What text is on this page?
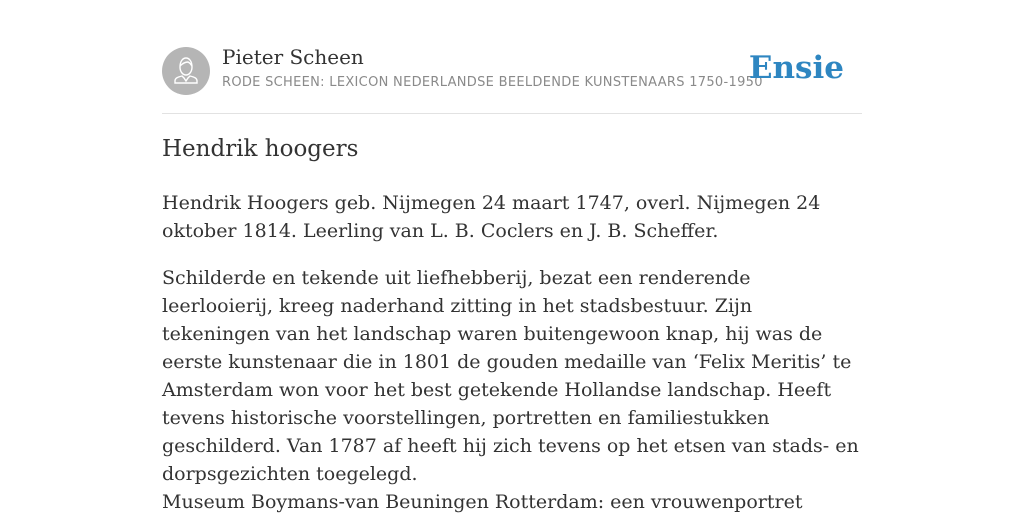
Pieter Scheen
RODE SCHEEN: LEXICON NEDERLANDSE BEELDENDE KUNSTENAARS 1750-1950
Ensie
Hendrik hoogers

Hendrik Hoogers geb. Nijmegen 24 maart 1747, overl. Nijmegen 24 oktober 1814. Leerling van L. B. Coclers en J. B. Scheffer.

Schilderde en tekende uit liefhebberij, bezat een renderende leerlooierij, kreeg naderhand zitting in het stadsbestuur. Zijn tekeningen van het landschap waren buitengewoon knap, hij was de eerste kunstenaar die in 1801 de gouden medaille van ‘Felix Meritis’ te Amsterdam won voor het best getekende Hollandse landschap. Heeft tevens historische voorstellingen, portretten en familiestukken geschilderd. Van 1787 af heeft hij zich tevens op het etsen van stads- en dorpsgezichten toegelegd.

Museum Boymans-van Beuningen Rotterdam: een vrouwenportret
